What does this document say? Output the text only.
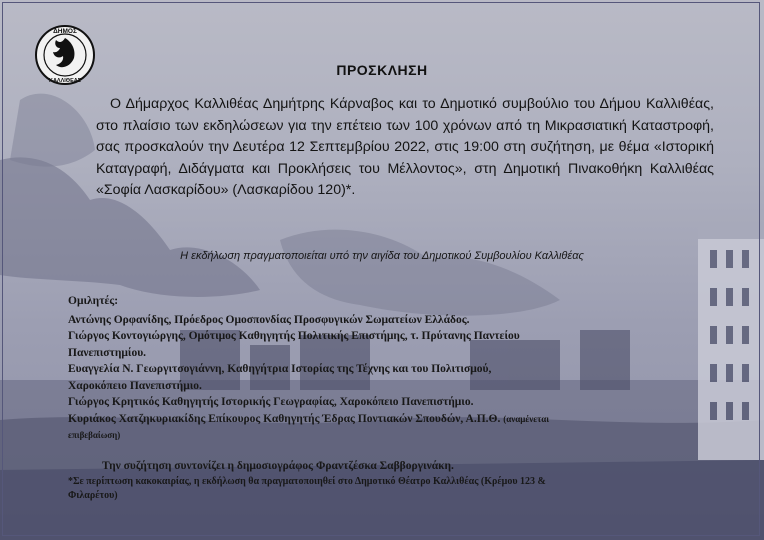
ΔΗΜΟΣ
ΚΑΛΛΙΘΕΑΣ
ΠΡΟΣΚΛΗΣΗ
Ο Δήμαρχος Καλλιθέας Δημήτρης Κάρναβος και το Δημοτικό συμβούλιο του Δήμου Καλλιθέας, στο πλαίσιο των εκδηλώσεων για την επέτειο των 100 χρόνων από τη Μικρασιατική Καταστροφή, σας προσκαλούν την Δευτέρα 12 Σεπτεμβρίου 2022, στις 19:00 στη συζήτηση, με θέμα «Ιστορική Καταγραφή, Διδάγματα και Προκλήσεις του Μέλλοντος», στη Δημοτική Πινακοθήκη Καλλιθέας «Σοφία Λασκαρίδου» (Λασκαρίδου 120)*.
Η εκδήλωση πραγματοποιείται υπό την αιγίδα του Δημοτικού Συμβουλίου Καλλιθέας
Ομιλητές:
Αντώνης Ορφανίδης, Πρόεδρος Ομοσπονδίας Προσφυγικών Σωματείων Ελλάδος.
Γιώργος Κοντογιώργης, Ομότιμος Καθηγητής Πολιτικής Επιστήμης, τ. Πρύτανης Παντείου
Πανεπιστημίου.
Ευαγγελία Ν. Γεωργιτσογιάννη, Καθηγήτρια Ιστορίας της Τέχνης και του Πολιτισμού,
Χαροκόπειο Πανεπιστήμιο.
Γιώργος Κρητικός Καθηγητής Ιστορικής Γεωγραφίας, Χαροκόπειο Πανεπιστήμιο.
Κυριάκος Χατζηκυριακίδης Επίκουρος Καθηγητής Έδρας Ποντιακών Σπουδών, Α.Π.Θ. (αναμένεται
επιβεβαίωση)
Την συζήτηση συντονίζει η δημοσιογράφος Φραντζέσκα Σαββοργινάκη.
*Σε περίπτωση κακοκαιρίας, η εκδήλωση θα πραγματοποιηθεί στο Δημοτικό Θέατρο Καλλιθέας (Κρέμου 123 &
Φιλαρέτου)
